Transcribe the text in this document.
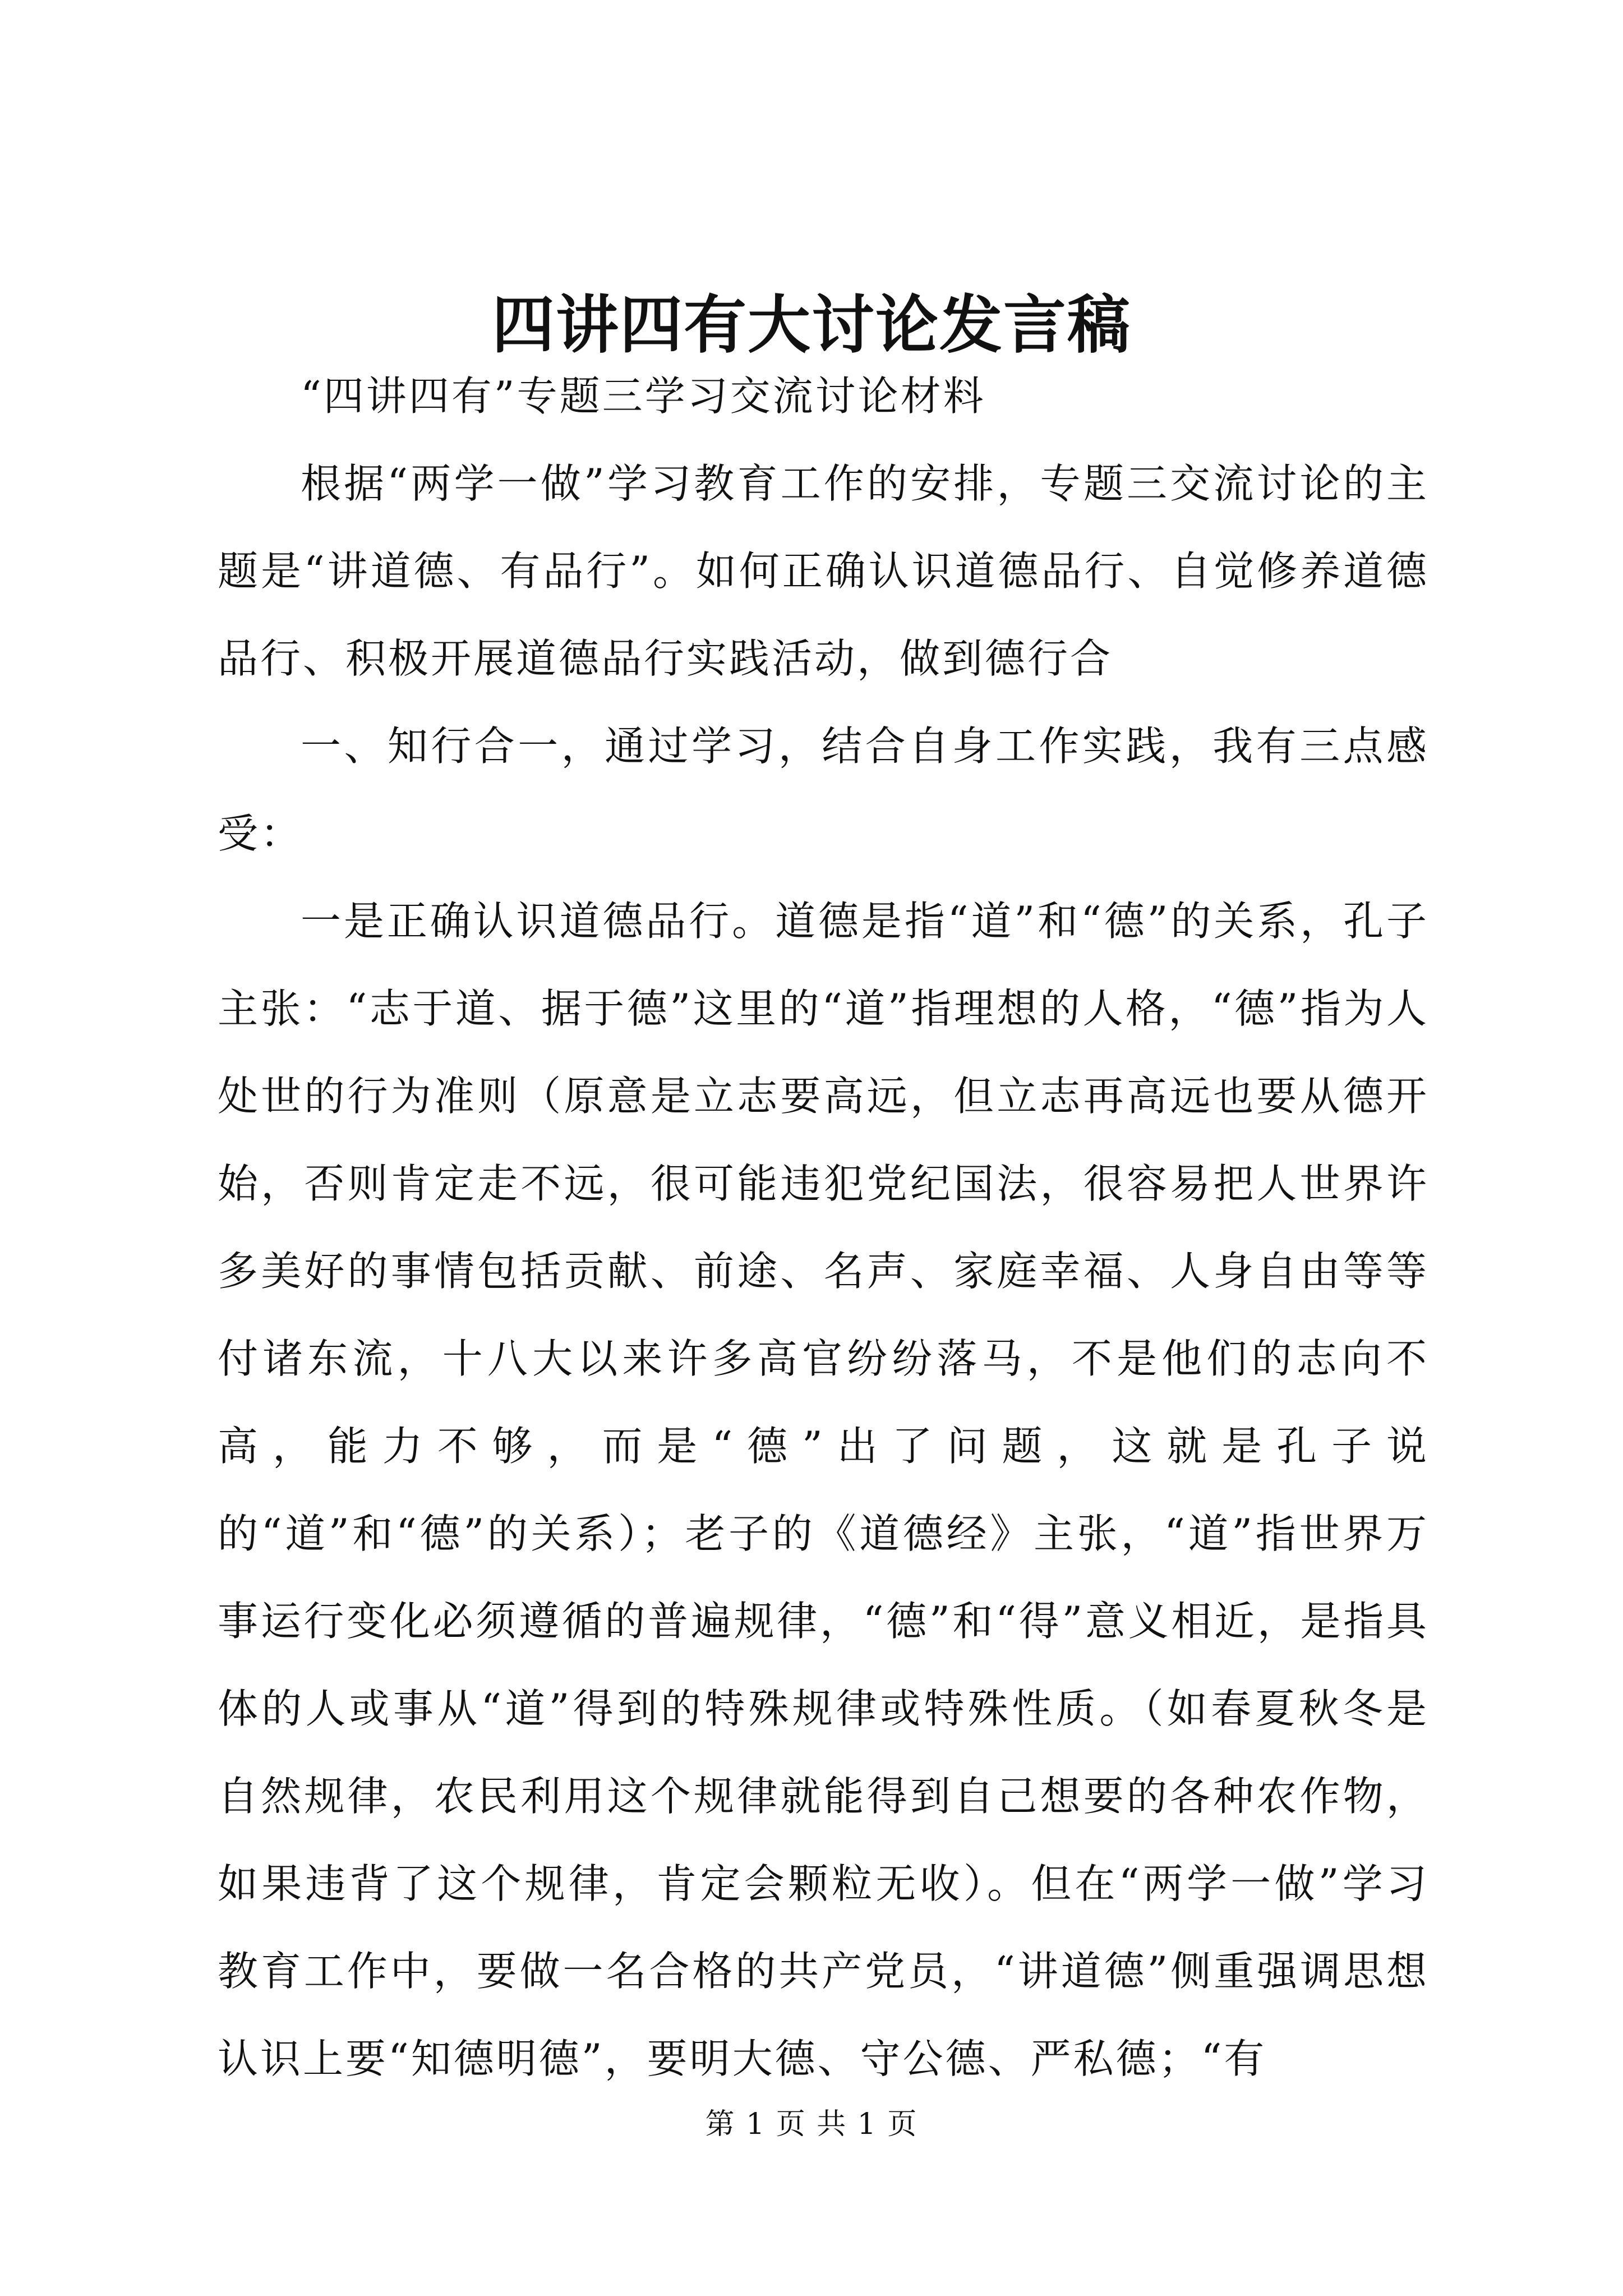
四讲四有大讨论发言稿

“四讲四有”专题三学习交流讨论材料

根据“两学一做”学习教育工作的安排，专题三交流讨论的主题是“讲道德、有品行”。如何正确认识道德品行、自觉修养道德品行、积极开展道德品行实践活动，做到德行合

一、知行合一，通过学习，结合自身工作实践，我有三点感受：

一是正确认识道德品行。道德是指“道”和“德”的关系，孔子主张：“志于道、据于德”这里的“道”指理想的人格，“德”指为人处世的行为准则（原意是立志要高远，但立志再高远也要从德开始，否则肯定走不远，很可能违犯党纪国法，很容易把人世界许多美好的事情包括贡献、前途、名声、家庭幸福、人身自由等等付诸东流，十八大以来许多高官纷纷落马，不是他们的志向不高，能力不够，而是“德”出了问题，这就是孔子说的“道”和“德”的关系）；老子的《道德经》主张，“道”指世界万事运行变化必须遵循的普遍规律，“德”和“得”意义相近，是指具体的人或事从“道”得到的特殊规律或特殊性质。（如春夏秋冬是自然规律，农民利用这个规律就能得到自己想要的各种农作物，如果违背了这个规律，肯定会颗粒无收）。但在“两学一做”学习教育工作中，要做一名合格的共产党员，“讲道德”侧重强调思想认识上要“知德明德”，要明大德、守公德、严私德；“有

第 1 页 共 1 页
